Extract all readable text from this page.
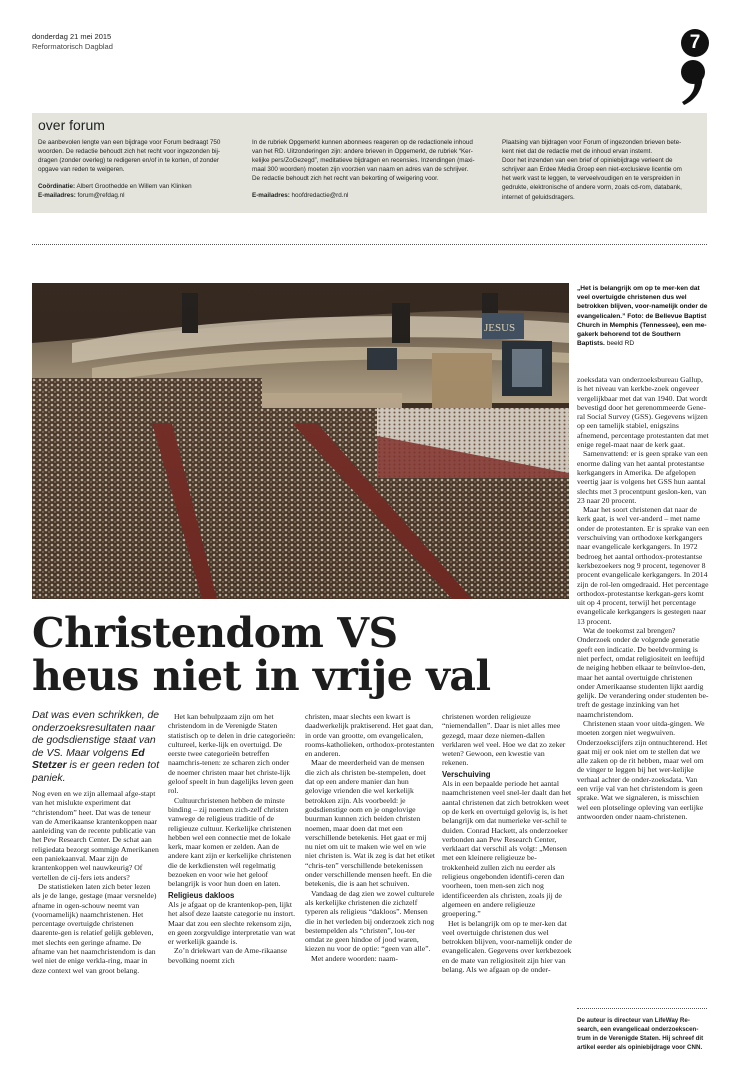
donderdag 21 mei 2015
Reformatorisch Dagblad	7
over forum

De aanbevolen lengte van een bijdrage voor Forum bedraagt 750

woorden. De redactie behoudt zich het recht voor ingezonden bij-

dragen (zonder overleg) te redigeren en/of in te korten, of zonder

opgave van reden te weigeren.

Coördinatie: Albert Groothedde en Willem van Klinken

E-mailadres: forum@refdag.nl

In de rubriek Opgemerkt kunnen abonnees reageren op de redactionele inhoud

van het RD. Uitzonderingen zijn: andere brieven in Opgemerkt, de rubriek “Ker-

kelijke pers/ZoGezegd”, meditatieve bijdragen en recensies. Inzendingen (maxi-

maal 300 woorden) moeten zijn voorzien van naam en adres van de schrijver.

De redactie behoudt zich het recht van bekorting of weigering voor.

E-mailadres: hoofdredactie@rd.nl

Plaatsing van bijdragen voor Forum of ingezonden brieven bete-

kent niet dat de redactie met de inhoud ervan instemt.

Door het inzenden van een brief of opiniebijdrage verleent de

schrijver aan Erdee Media Groep een niet-exclusieve licentie om

het werk vast te leggen, te verveelvoudigen en te verspreiden in

gedrukte, elektronische of andere vorm, zoals cd-rom, databank,

internet of geluidsdragers.

JESUS
„Het is belangrijk om op te mer-ken dat veel overtuigde christenen dus wel betrokken blijven, voor-namelijk onder de evangelicalen.” Foto: de Bellevue Baptist Church in Memphis (Tennessee), een me-gakerk behorend tot de Southern Baptists. beeld RD
Christendom VS
heus niet in vrije val
Dat was even schrikken, de onderzoeksresultaten naar de godsdienstige staat van de VS. Maar volgens Ed Stetzer is er geen reden tot paniek.

Nog even en we zijn allemaal afge-stapt van het mislukte experiment dat “christendom” heet. Dat was de teneur van de Amerikaanse krantenkoppen naar aanleiding van de recente publicatie van het Pew Research Center. De schat aan religiedata bezorgt sommige Amerikanen een paniekaanval. Maar zijn de krantenkoppen wel nauwkeurig? Of vertellen de cij-fers iets anders?

De statistieken laten zich beter lezen als je de lange, gestage (maar versnelde) afname in ogen-schouw neemt van (voornamelijk) naamchristenen. Het percentage overtuigde christenen daarente-gen is relatief gelijk gebleven, met slechts een geringe afname. De afname van het naamchristendom is dan wel niet de enige verkla-ring, maar in deze context wel van groot belang.

Het kan behulpzaam zijn om het christendom in de Verenigde Staten statistisch op te delen in drie categorieën: cultureel, kerke-lijk en overtuigd. De eerste twee categorieën betreffen naamchris-tenen: ze scharen zich onder de noemer christen maar het christe-lijk geloof speelt in hun dagelijks leven geen rol.

Cultuurchristenen hebben de minste binding – zij noemen zich-zelf christen vanwege de religieus traditie of de religieuze cultuur. Kerkelijke christenen hebben wel een connectie met de lokale kerk, maar komen er zelden. Aan de andere kant zijn er kerkelijke christenen die de kerkdiensten wél regelmatig bezoeken en voor wie het geloof belangrijk is voor hun doen en laten.

Religieus dakloos

Als je afgaat op de krantenkop-pen, lijkt het alsof deze laatste categorie nu instort. Maar dat zou een slechte rekensom zijn, en geen zorgvuldige interpretatie van wat er werkelijk gaande is.

Zo’n driekwart van de Ame-rikaanse bevolking noemt zich

christen, maar slechts een kwart is daadwerkelijk praktiserend. Het gaat dan, in orde van grootte, om evangelicalen, rooms-katholieken, orthodox-protestanten en anderen.

Maar de meerderheid van de mensen die zich als christen be-stempelen, doet dat op een andere manier dan hun gelovige vrienden die wel kerkelijk betrokken zijn. Als voorbeeld: je godsdienstige oom en je ongelovige buurman kunnen zich beiden christen noemen, maar doen dat met een verschillende betekenis. Het gaat er mij nu niet om uit te maken wie wel en wie niet christen is. Wat ik zeg is dat het etiket “chris-ten” verschillende betekenissen onder verschillende mensen heeft. En die betekenis, die is aan het schuiven.

Vandaag de dag zien we zowel culturele als kerkelijke christenen die zichzelf typeren als religieus “dakloos”. Mensen die in het verleden bij onderzoek zich nog bestempelden als “christen”, lou-ter omdat ze geen hindoe of jood waren, kiezen nu voor de optie: “geen van alle”.

Met andere woorden: naam-

christenen worden religieuze “niemendallen”. Daar is niet alles mee gezegd, maar deze niemen-dallen verklaren wel veel. Hoe we dat zo zeker weten? Gewoon, een kwestie van rekenen.

Verschuiving

Als in een bepaalde periode het aantal naamchristenen veel snel-ler daalt dan het aantal christenen dat zich betrokken weet op de kerk en overtuigd gelovig is, is het belangrijk om dat numerieke ver-schil te duiden. Conrad Hackett, als onderzoeker verbonden aan Pew Research Center, verklaart dat verschil als volgt: „Mensen met een kleinere religieuze be-trokkenheid zullen zich nu eerder als religieus ongebonden identifi-ceren dan voorheen, toen men-sen zich nog identificeerden als christen, zoals jij de algemeen en andere religieuze groepering.”

Het is belangrijk om op te mer-ken dat veel overtuigde christenen dus wel betrokken blijven, voor-namelijk onder de evangelicalen. Gegevens over kerkbezoek en de mate van religiositeit zijn hier van belang. Als we afgaan op de onder-

zoeksdata van onderzoeksbureau Gallup, is het niveau van kerkbe-zoek ongeveer vergelijkbaar met dat van 1940. Dat wordt bevestigd door het gerenommeerde Gene-ral Social Survey (GSS). Gegevens wijzen op een tamelijk stabiel, enigszins afnemend, percentage protestanten dat met enige regel-maat naar de kerk gaat.

Samenvattend: er is geen sprake van een enorme daling van het aantal protestantse kerkgangers in Amerika. De afgelopen veertig jaar is volgens het GSS hun aantal slechts met 3 procentpunt geslon-ken, van 23 naar 20 procent.

Maar het soort christenen dat naar de kerk gaat, is wel ver-anderd – met name onder de protestanten. Er is sprake van een verschuiving van orthodoxe kerkgangers naar evangelicale kerkgangers. In 1972 bedroeg het aantal orthodox-protestantse kerkbezoekers nog 9 procent, tegenover 8 procent evangelicale kerkgangers. In 2014 zijn de rol-len omgedraaid. Het percentage orthodox-protestantse kerkgan-gers komt uit op 4 procent, terwijl het percentage evangelicale kerkgangers is gestegen naar 13 procent.

Wat de toekomst zal brengen? Onderzoek onder de volgende generatie geeft een indicatie. De beeldvorming is niet perfect, omdat religiositeit en leeftijd de neiging hebben elkaar te beïnvloe-den, maar het aantal overtuigde christenen onder Amerikaanse studenten lijkt aardig gelijk. De verandering onder studenten be-treft de gestage inzinking van het naamchristendom.

Christenen staan voor uitda-gingen. We moeten zorgen niet wegwuiven. Onderzoekscijfers zijn ontnuchterend. Het gaat mij er ook niet om te stellen dat we alle zaken op de rit hebben, maar wel om de vinger te leggen bij het wer-kelijke verhaal achter de onder-zoeksdata. Van een vrije val van het christendom is geen sprake. Wat we signaleren, is misschien wel een plotselinge opleving van eerlijke antwoorden onder naam-christenen.

De auteur is directeur van LifeWay Re-search, een evangelicaal onderzoekscen-trum in de Verenigde Staten. Hij schreef dit artikel eerder als opiniebijdrage voor CNN.
